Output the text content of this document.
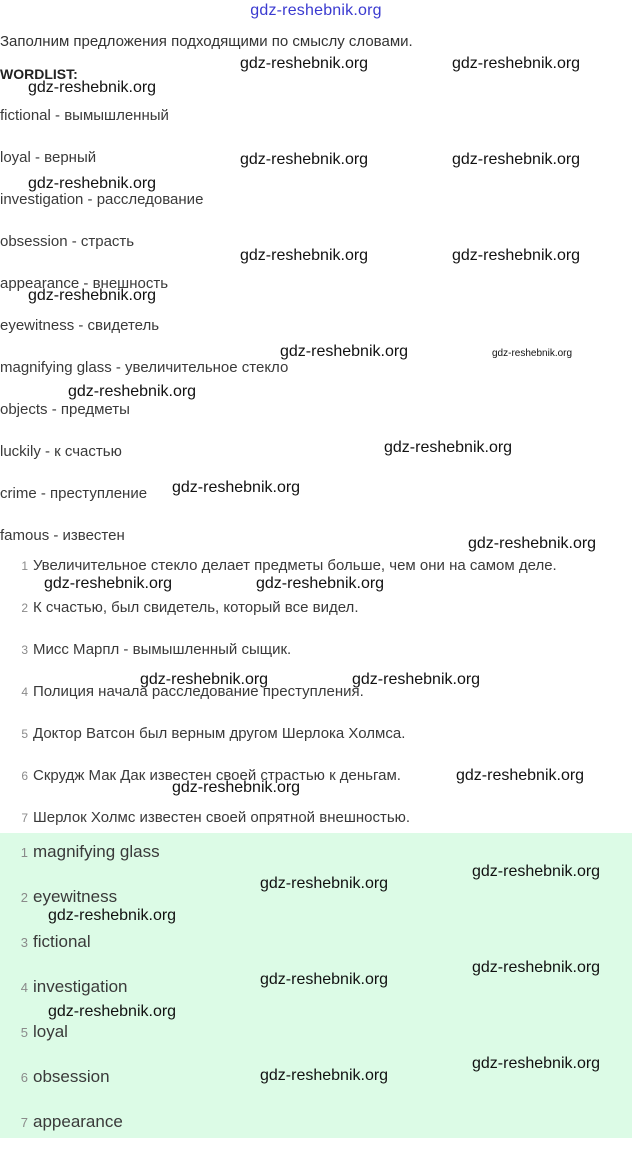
gdz-reshebnik.org
Заполним предложения подходящими по смыслу словами.
WORDLIST:
fictional - вымышленный
loyal - верный
investigation - расследование
obsession - страсть
appearance - внешность
eyewitness - свидетель
magnifying glass - увеличительное стекло
objects - предметы
luckily - к счастью
crime - преступление
famous - известен
1 Увеличительное стекло делает предметы больше, чем они на самом деле.
2 К счастью, был свидетель, который все видел.
3 Мисс Марпл - вымышленный сыщик.
4 Полиция начала расследование преступления.
5 Доктор Ватсон был верным другом Шерлока Холмса.
6 Скрудж Мак Дак известен своей страстью к деньгам.
7 Шерлок Холмс известен своей опрятной внешностью.
1 magnifying glass
2 eyewitness
3 fictional
4 investigation
5 loyal
6 obsession
7 appearance
gdz-reshebnik.org	gdz-reshebnik.org
gdz-reshebnik.org
gdz-reshebnik.org	gdz-reshebnik.org
gdz-reshebnik.org
gdz-reshebnik.org	gdz-reshebnik.org
gdz-reshebnik.org
gdz-reshebnik.org	gdz-reshebnik.org
gdz-reshebnik.org
gdz-reshebnik.org
gdz-reshebnik.org
gdz-reshebnik.org
gdz-reshebnik.org	gdz-reshebnik.org
gdz-reshebnik.org	gdz-reshebnik.org
gdz-reshebnik.org
gdz-reshebnik.org
gdz-reshebnik.org
gdz-reshebnik.org
gdz-reshebnik.org
gdz-reshebnik.org
gdz-reshebnik.org
gdz-reshebnik.org
gdz-reshebnik.org
gdz-reshebnik.org
